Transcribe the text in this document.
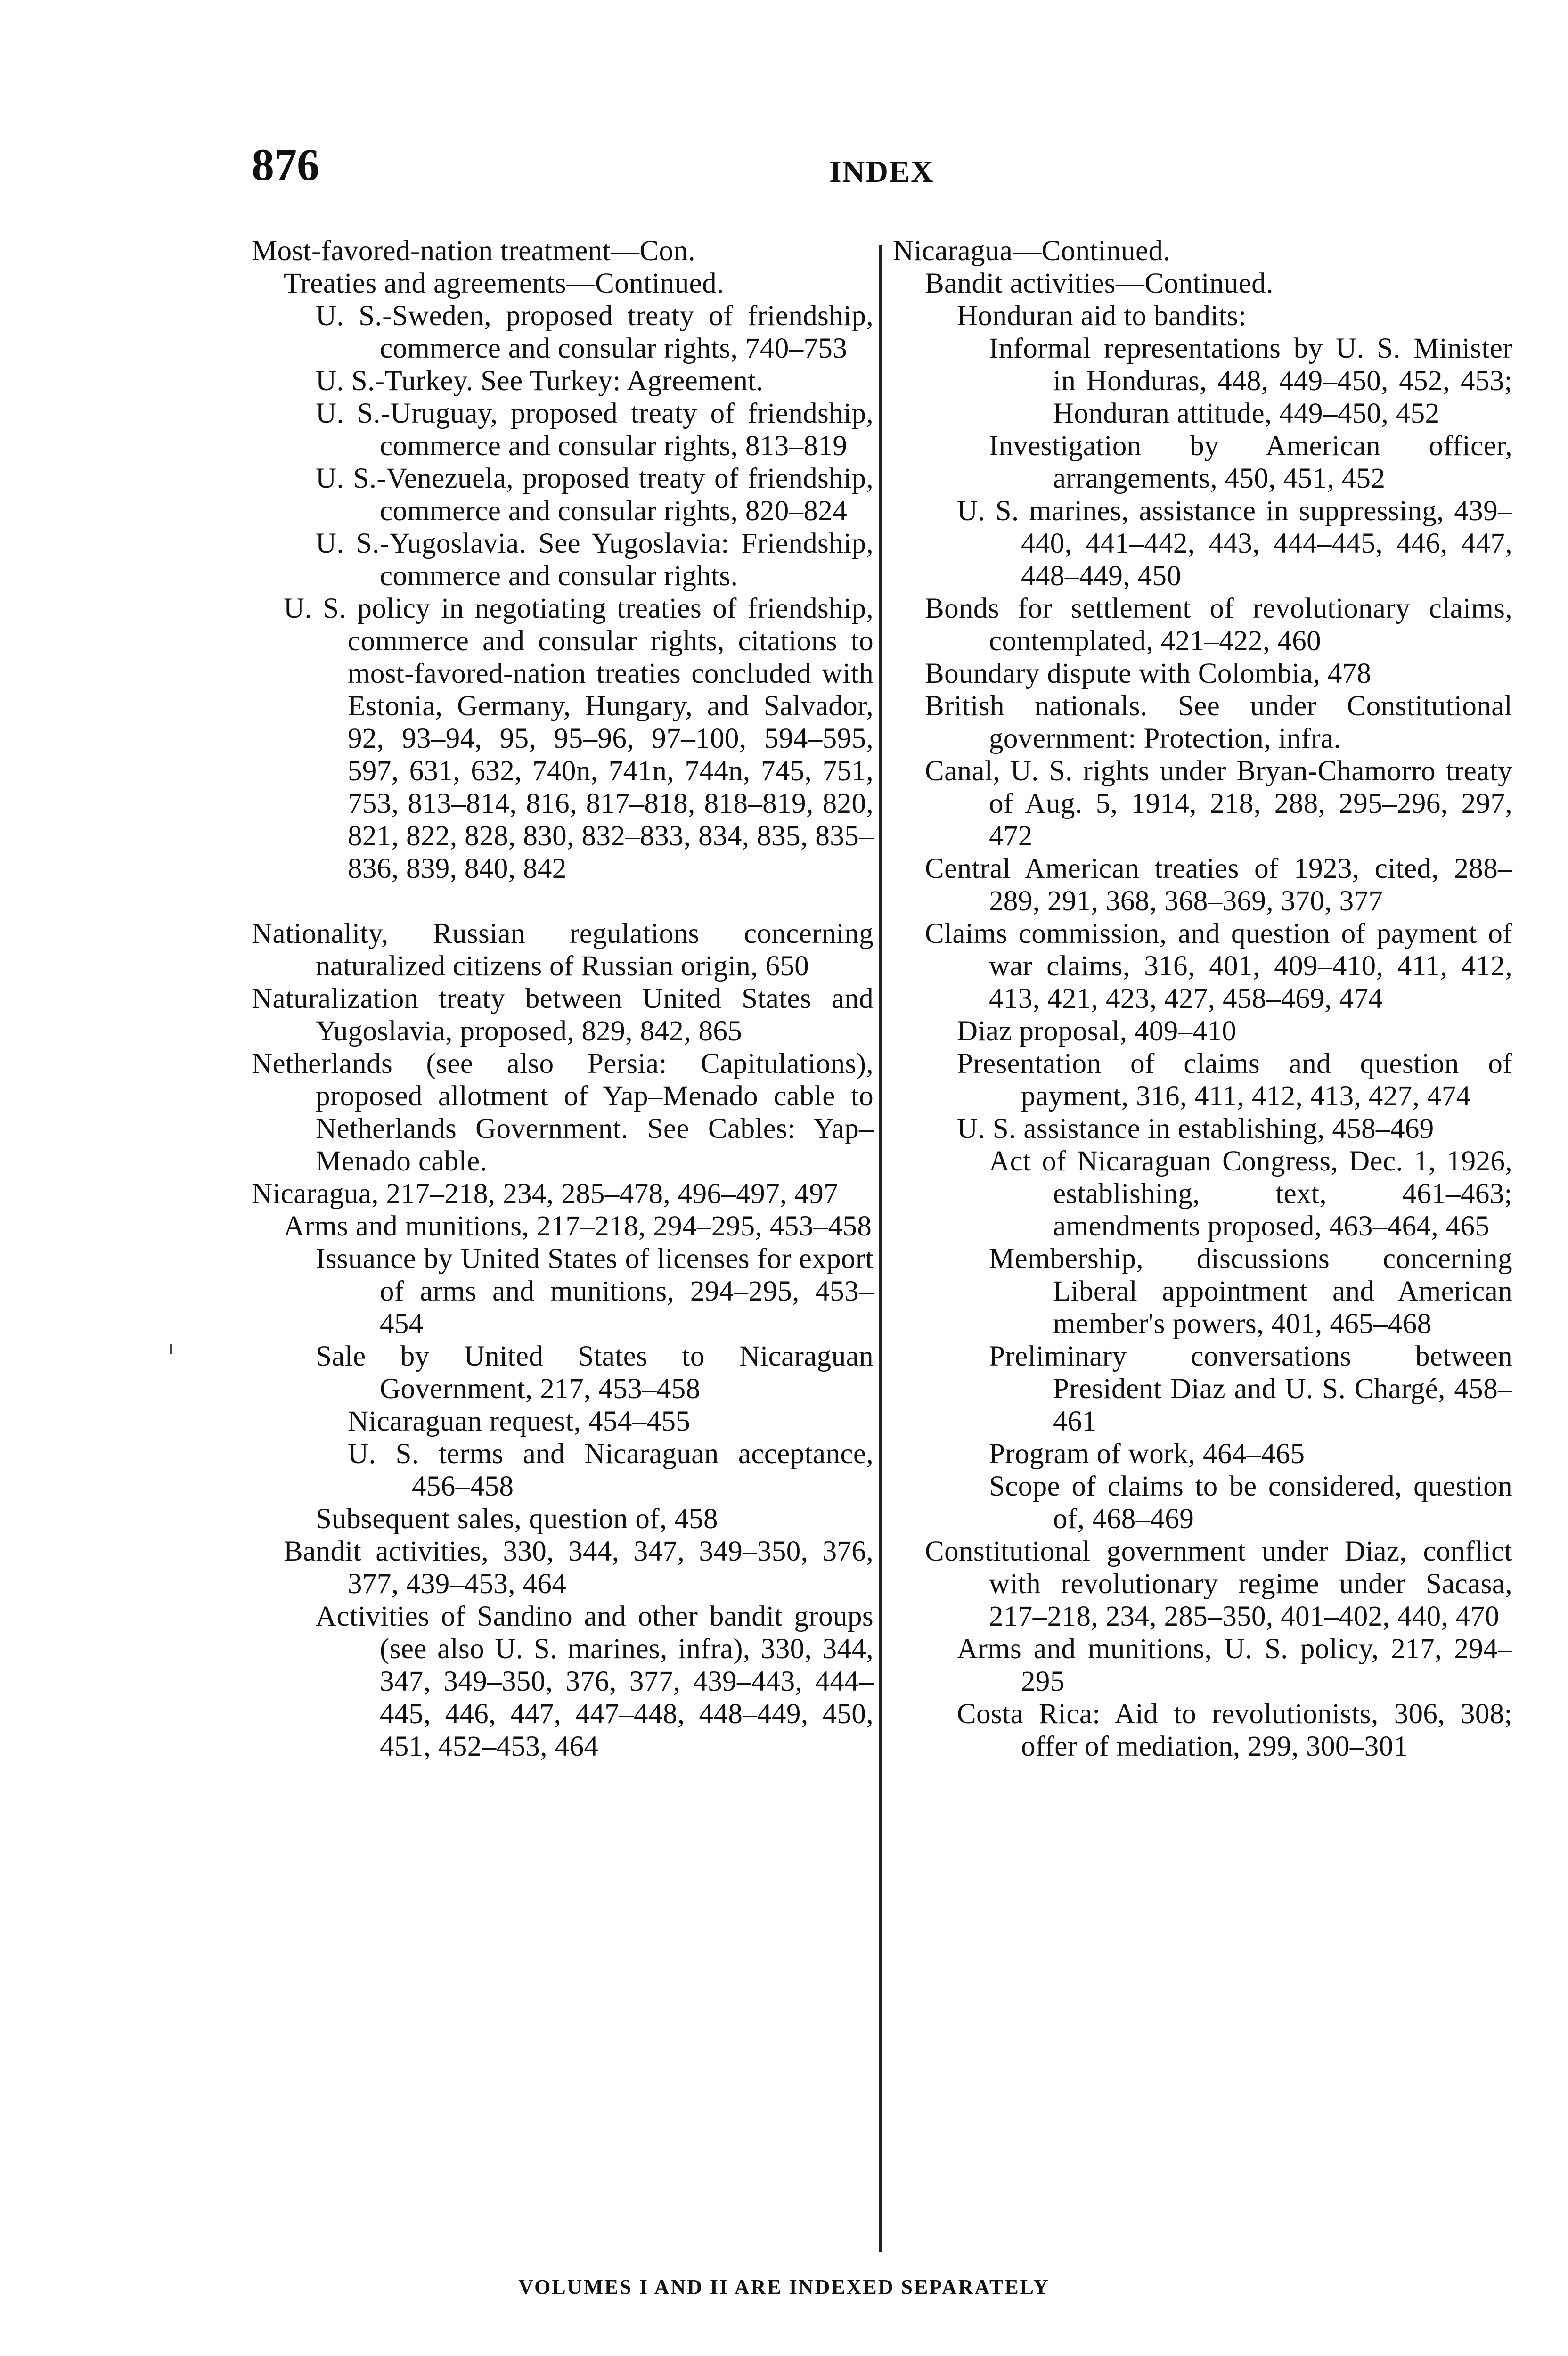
876	INDEX
Most-favored-nation treatment—Con.
Treaties and agreements—Continued.
U. S.-Sweden, proposed treaty of friendship, commerce and consular rights, 740–753
U. S.-Turkey. See Turkey: Agreement.
U. S.-Uruguay, proposed treaty of friendship, commerce and consular rights, 813–819
U. S.-Venezuela, proposed treaty of friendship, commerce and consular rights, 820–824
U. S.-Yugoslavia. See Yugoslavia: Friendship, commerce and consular rights.
U. S. policy in negotiating treaties of friendship, commerce and consular rights, citations to most-favored-nation treaties concluded with Estonia, Germany, Hungary, and Salvador, 92, 93–94, 95, 95–96, 97–100, 594–595, 597, 631, 632, 740n, 741n, 744n, 745, 751, 753, 813–814, 816, 817–818, 818–819, 820, 821, 822, 828, 830, 832–833, 834, 835, 835–836, 839, 840, 842
Nationality, Russian regulations concerning naturalized citizens of Russian origin, 650
Naturalization treaty between United States and Yugoslavia, proposed, 829, 842, 865
Netherlands (see also Persia: Capitulations), proposed allotment of Yap–Menado cable to Netherlands Government. See Cables: Yap–Menado cable.
Nicaragua, 217–218, 234, 285–478, 496–497, 497
Arms and munitions, 217–218, 294–295, 453–458
Issuance by United States of licenses for export of arms and munitions, 294–295, 453–454
Sale by United States to Nicaraguan Government, 217, 453–458
Nicaraguan request, 454–455
U. S. terms and Nicaraguan acceptance, 456–458
Subsequent sales, question of, 458
Bandit activities, 330, 344, 347, 349–350, 376, 377, 439–453, 464
Activities of Sandino and other bandit groups (see also U. S. marines, infra), 330, 344, 347, 349–350, 376, 377, 439–443, 444–445, 446, 447, 447–448, 448–449, 450, 451, 452–453, 464
Nicaragua—Continued.
Bandit activities—Continued.
Honduran aid to bandits:
Informal representations by U. S. Minister in Honduras, 448, 449–450, 452, 453; Honduran attitude, 449–450, 452
Investigation by American officer, arrangements, 450, 451, 452
U. S. marines, assistance in suppressing, 439–440, 441–442, 443, 444–445, 446, 447, 448–449, 450
Bonds for settlement of revolutionary claims, contemplated, 421–422, 460
Boundary dispute with Colombia, 478
British nationals. See under Constitutional government: Protection, infra.
Canal, U. S. rights under Bryan-Chamorro treaty of Aug. 5, 1914, 218, 288, 295–296, 297, 472
Central American treaties of 1923, cited, 288–289, 291, 368, 368–369, 370, 377
Claims commission, and question of payment of war claims, 316, 401, 409–410, 411, 412, 413, 421, 423, 427, 458–469, 474
Diaz proposal, 409–410
Presentation of claims and question of payment, 316, 411, 412, 413, 427, 474
U. S. assistance in establishing, 458–469
Act of Nicaraguan Congress, Dec. 1, 1926, establishing, text, 461–463; amendments proposed, 463–464, 465
Membership, discussions concerning Liberal appointment and American member's powers, 401, 465–468
Preliminary conversations between President Diaz and U. S. Chargé, 458–461
Program of work, 464–465
Scope of claims to be considered, question of, 468–469
Constitutional government under Diaz, conflict with revolutionary regime under Sacasa, 217–218, 234, 285–350, 401–402, 440, 470
Arms and munitions, U. S. policy, 217, 294–295
Costa Rica: Aid to revolutionists, 306, 308; offer of mediation, 299, 300–301
VOLUMES I AND II ARE INDEXED SEPARATELY
